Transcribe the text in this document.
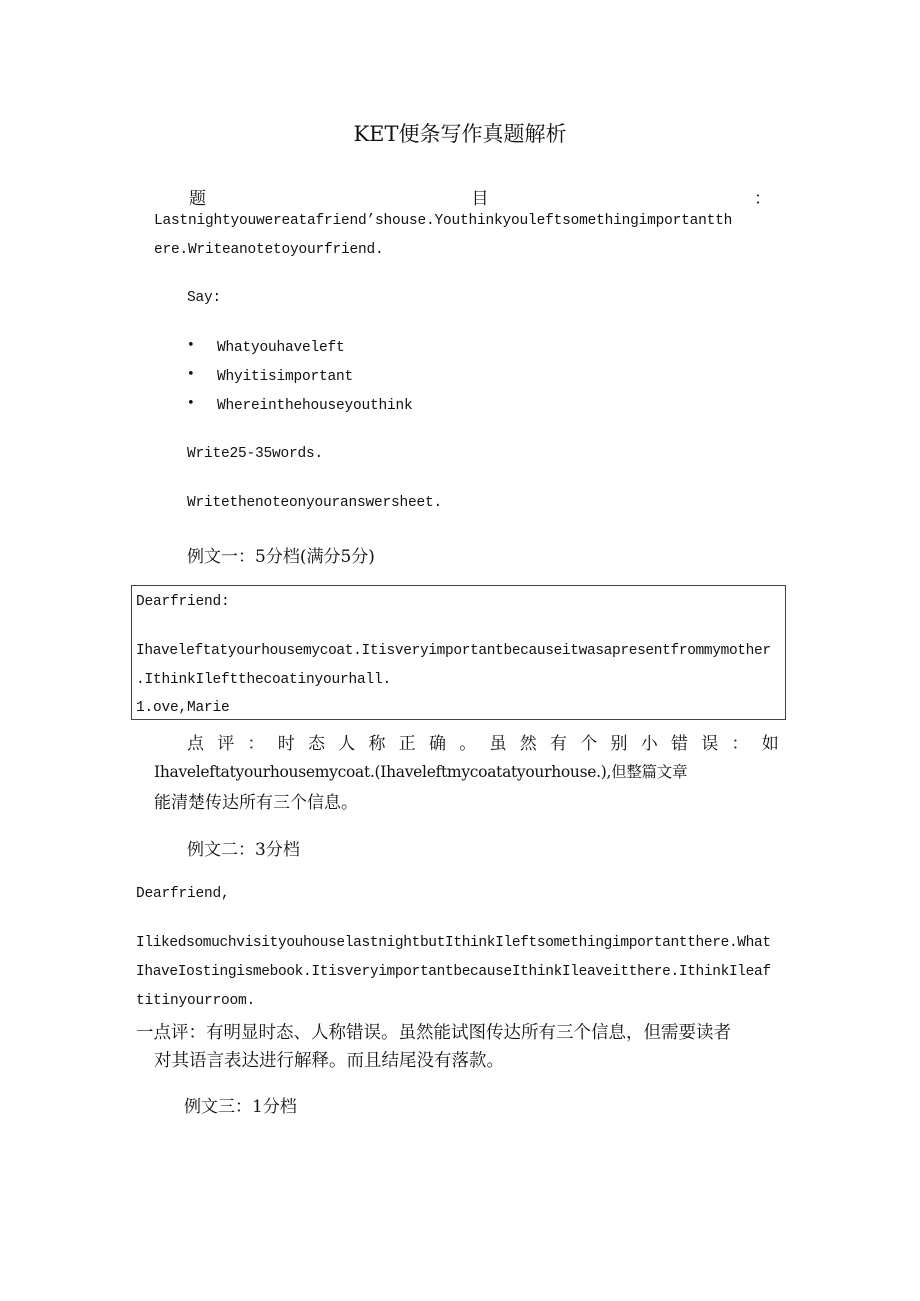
KET便条写作真题解析
题	目	：
Lastnightyouwereatafriend’shouse.Youthinkyouleftsomethingimportantth
ere.Writeanotetoyourfriend.
Say:
• Whatyouhaveleft
• Whyitisimportant
• Whereinthehouseyouthink
Write25-35words.
Writethenoteonyouranswersheet.
例文一：5分档(满分5分)
Dearfriend:
Ihaveleftatyourhousemycoat.Itisveryimportantbecauseitwasapresentfrommymother
.IthinkIleftthecoatinyourhall.
1.ove,Marie
点 评 ： 时 态 人 称 正 确 。 虽 然 有 个 别 小 错 误 ： 如
Ihaveleftatyourhousemycoat.(Ihaveleftmycoatatyourhouse.),但整篇文章
能清楚传达所有三个信息。
例文二：3分档
Dearfriend,
IlikedsomuchvisityouhouselastnightbutIthinkIleftsomethingimportantthere.What
IhaveIostingismebook.ItisveryimportantbecauseIthinkIleaveitthere.IthinkIleaf
titinyourroom.
一点评：有明显时态、人称错误。虽然能试图传达所有三个信息，但需要读者
对其语言表达进行解释。而且结尾没有落款。
例文三：1分档
